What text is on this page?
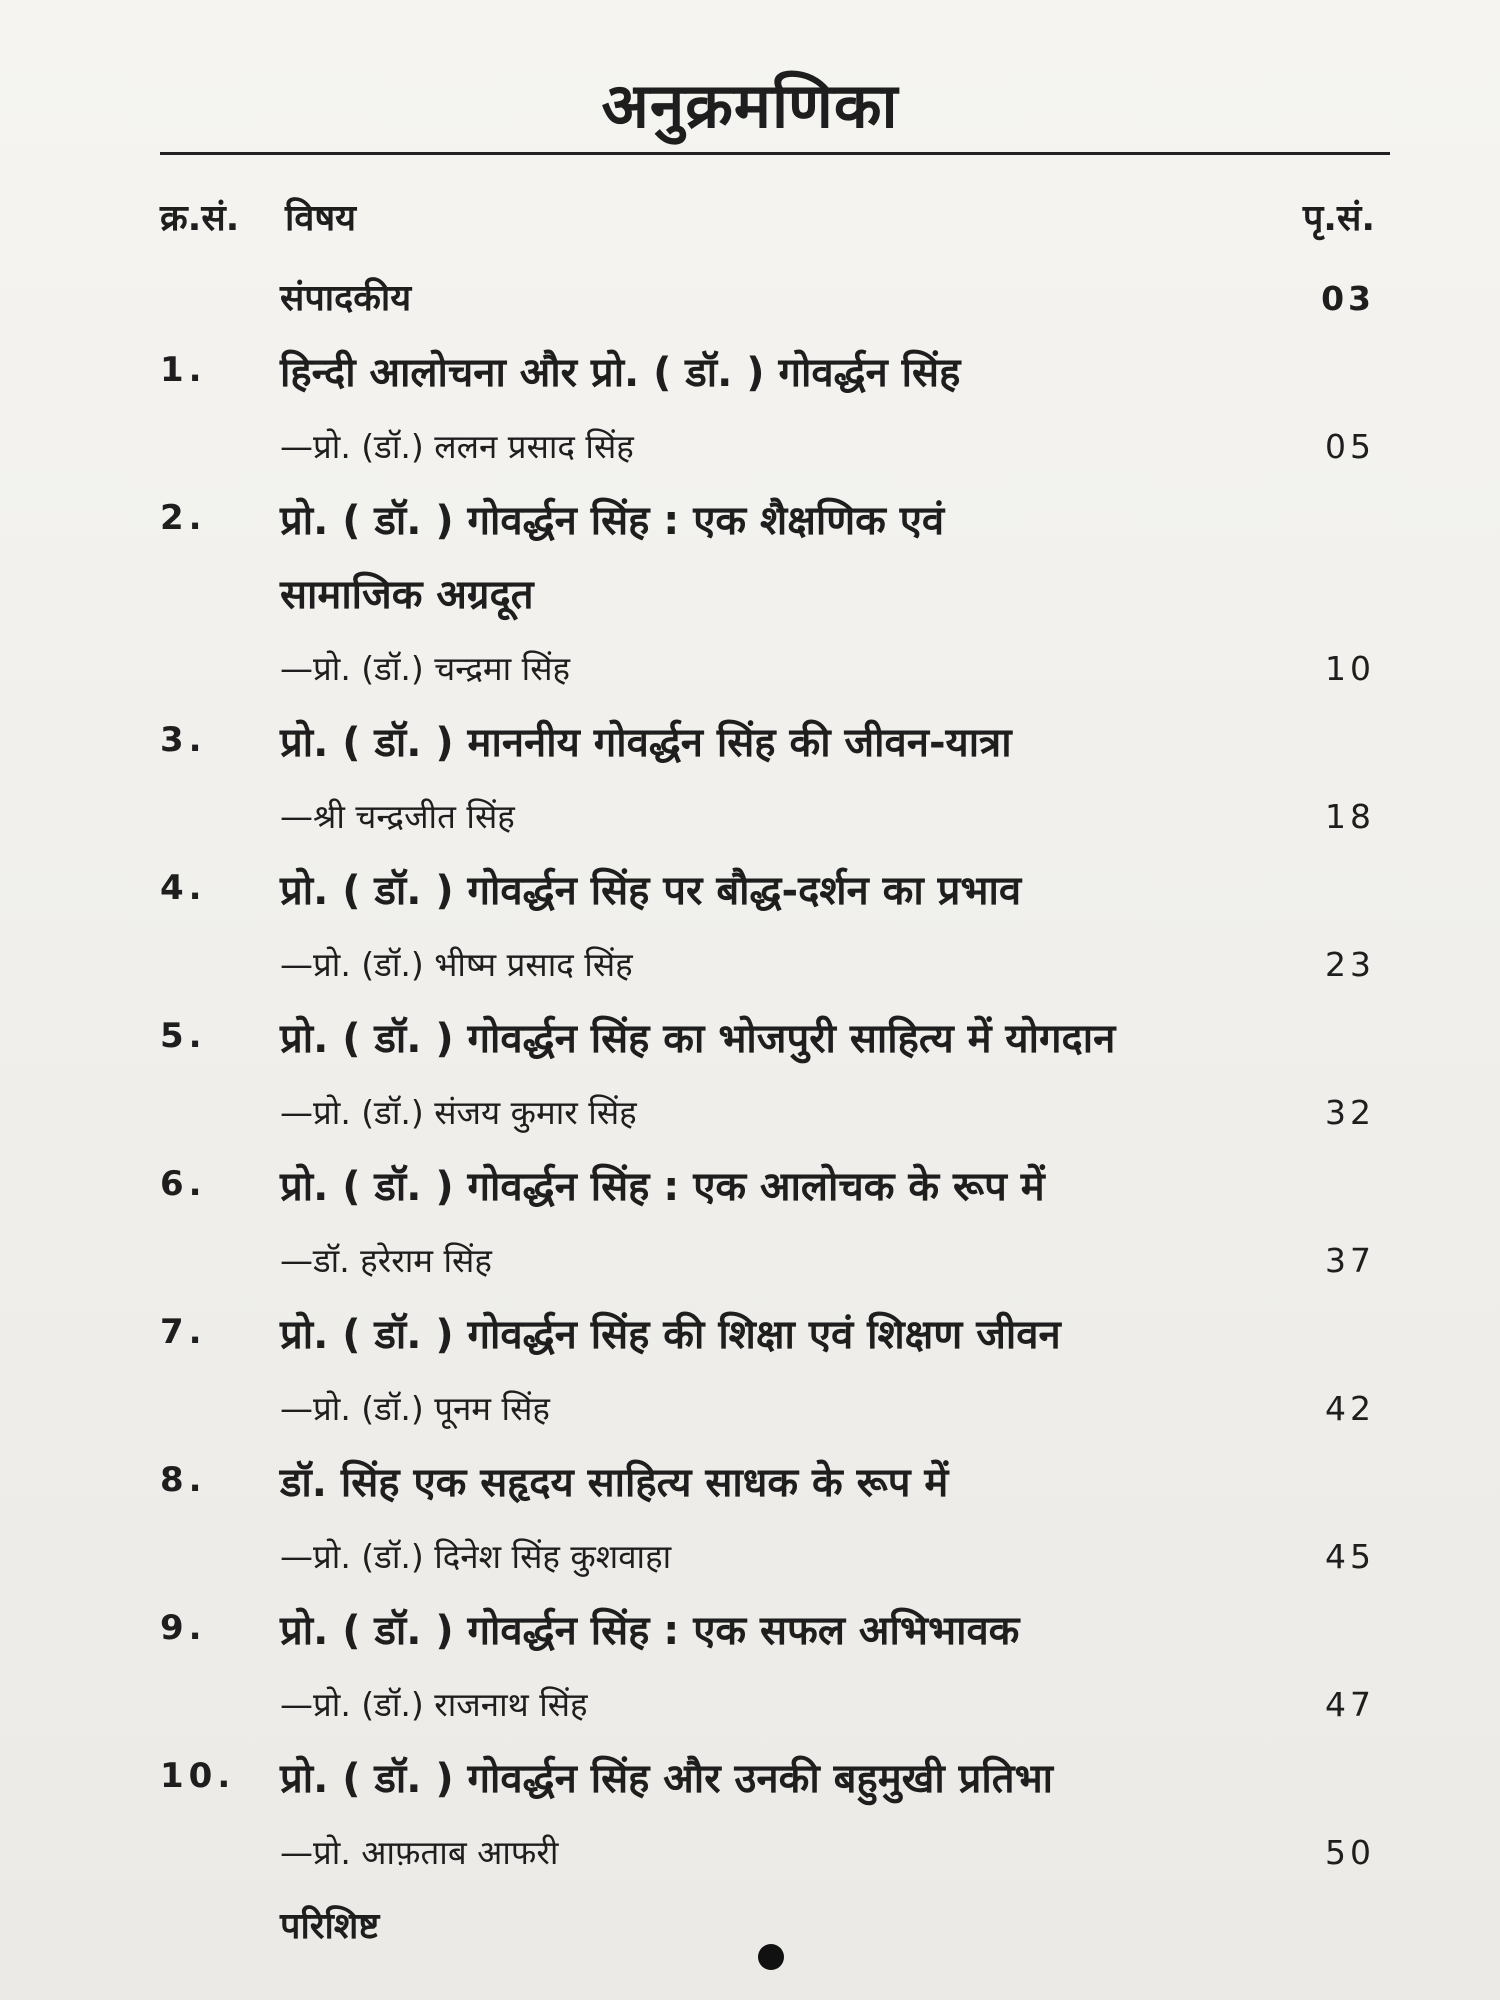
अनुक्रमणिका
क्र.सं. विषय	पृ.सं.
संपादकीय	03
1. हिन्दी आलोचना और प्रो. ( डॉ. ) गोवर्द्धन सिंह
—प्रो. (डॉ.) ललन प्रसाद सिंह	05
2. प्रो. ( डॉ. ) गोवर्द्धन सिंह : एक शैक्षणिक एवं सामाजिक अग्रदूत
—प्रो. (डॉ.) चन्द्रमा सिंह	10
3. प्रो. ( डॉ. ) माननीय गोवर्द्धन सिंह की जीवन-यात्रा
—श्री चन्द्रजीत सिंह	18
4. प्रो. ( डॉ. ) गोवर्द्धन सिंह पर बौद्ध-दर्शन का प्रभाव
—प्रो. (डॉ.) भीष्म प्रसाद सिंह	23
5. प्रो. ( डॉ. ) गोवर्द्धन सिंह का भोजपुरी साहित्य में योगदान
—प्रो. (डॉ.) संजय कुमार सिंह	32
6. प्रो. ( डॉ. ) गोवर्द्धन सिंह : एक आलोचक के रूप में
—डॉ. हरेराम सिंह	37
7. प्रो. ( डॉ. ) गोवर्द्धन सिंह की शिक्षा एवं शिक्षण जीवन
—प्रो. (डॉ.) पूनम सिंह	42
8. डॉ. सिंह एक सहृदय साहित्य साधक के रूप में
—प्रो. (डॉ.) दिनेश सिंह कुशवाहा	45
9. प्रो. ( डॉ. ) गोवर्द्धन सिंह : एक सफल अभिभावक
—प्रो. (डॉ.) राजनाथ सिंह	47
10. प्रो. ( डॉ. ) गोवर्द्धन सिंह और उनकी बहुमुखी प्रतिभा
—प्रो. आफ़ताब आफरी	50
परिशिष्ट
